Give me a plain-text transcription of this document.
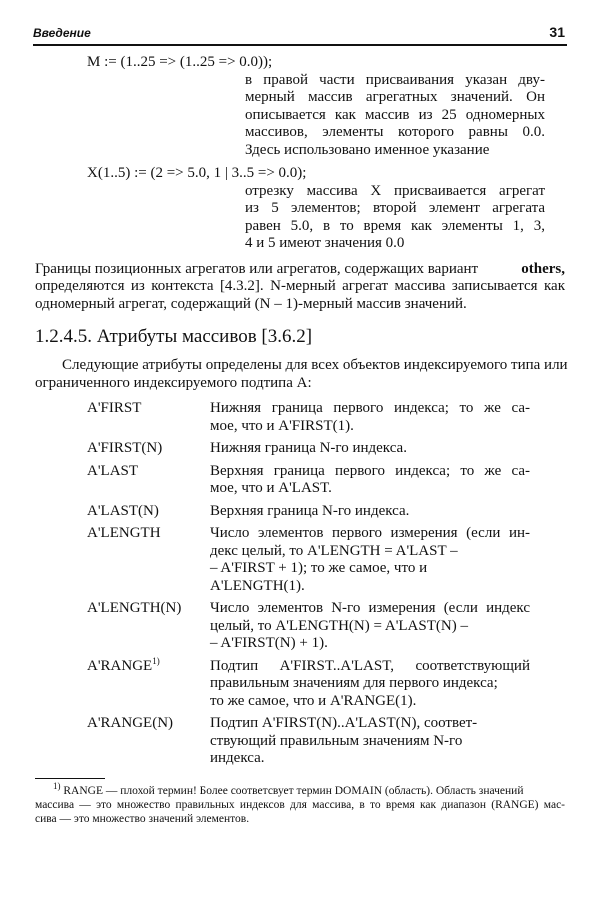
Введение	31
M := (1..25 => (1..25 => 0.0));
в правой части присваивания указан дву-
мерный массив агрегатных значений. Он
описывается как массив из 25 одномерных
массивов, элементы которого равны 0.0.
Здесь использовано именное указание
X(1..5) := (2 => 5.0, 1 | 3..5 => 0.0);
отрезку массива X присваивается агрегат
из 5 элементов; второй элемент агрегата
равен 5.0, в то время как элементы 1, 3,
4 и 5 имеют значения 0.0
Границы позиционных агрегатов или агрегатов, содержащих вариант	others,
определяются из контекста [4.3.2]. N-мерный агрегат массива записывается как
одномерный агрегат, содержащий (N – 1)-мерный массив значений.
1.2.4.5. Атрибуты массивов [3.6.2]
Следующие атрибуты определены для всех объектов индексируемого типа или
ограниченного индексируемого подтипа A:
A'FIRST	Нижняя граница первого индекса; то же са-
мое, что и A'FIRST(1).
A'FIRST(N)	Нижняя граница N-го индекса.
A'LAST	Верхняя граница первого индекса; то же са-
мое, что и A'LAST.
A'LAST(N)	Верхняя граница N-го индекса.
A'LENGTH	Число элементов первого измерения (если ин-
декс целый, то A'LENGTH = A'LAST –
– A'FIRST + 1); то же самое, что и
A'LENGTH(1).
A'LENGTH(N)	Число элементов N-го измерения (если индекс
целый, то A'LENGTH(N) = A'LAST(N) –
– A'FIRST(N) + 1).
A'RANGE$^{1)}$	Подтип A'FIRST..A'LAST, соответствующий
правильным значениям для первого индекса;
то же самое, что и A'RANGE(1).
A'RANGE(N)	Подтип A'FIRST(N)..A'LAST(N), соответ-
ствующий правильным значениям N-го
индекса.
$^{1)}$ RANGE — плохой термин! Более соответсвует термин DOMAIN (область). Область значений
массива — это множество правильных индексов для массива, в то время как диапазон (RANGE) мас-
сива — это множество значений элементов.
